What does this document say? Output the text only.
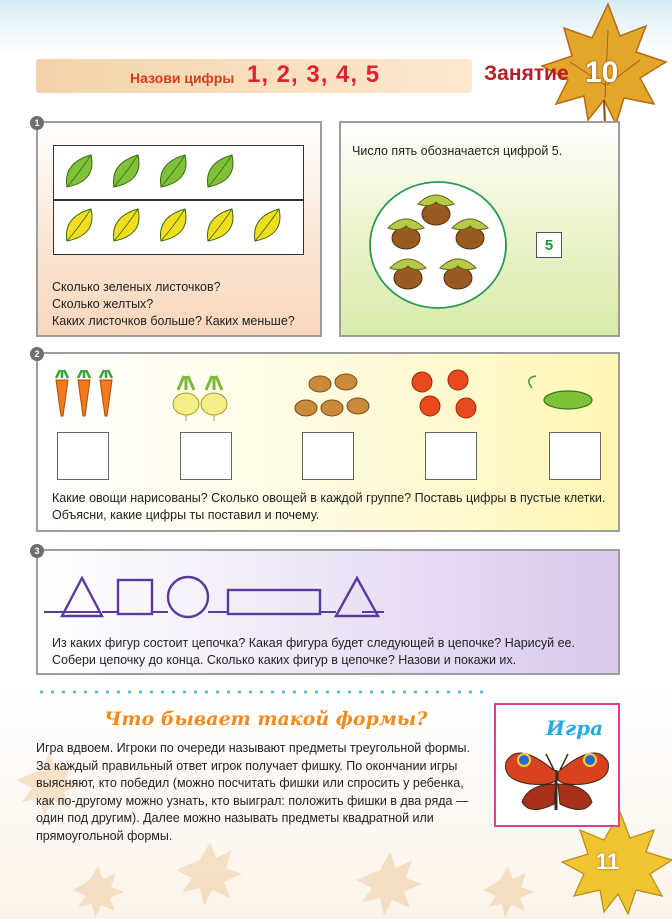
Назови цифры 1, 2, 3, 4, 5	Занятие 10
1
Сколько зеленых листочков?
Сколько желтых?
Каких листочков больше? Каких меньше?
Число пять обозначается цифрой 5.
5
2
Какие овощи нарисованы? Сколько овощей в каждой группе? Поставь цифры в пустые клетки.
Объясни, какие цифры ты поставил и почему.
3
Из каких фигур состоит цепочка? Какая фигура будет следующей в цепочке? Нарисуй ее.
Собери цепочку до конца. Сколько каких фигур в цепочке? Назови и покажи их.
Что бывает такой формы?
Игра вдвоем. Игроки по очереди называют предметы треугольной формы. За каждый правильный ответ игрок получает фишку. По окончании игры выясняют, кто победил (можно посчитать фишки или спросить у ребенка, как по-другому можно узнать, кто выиграл: положить фишки в два ряда — один под другим). Далее можно называть предметы квадратной или прямоугольной формы.
Игра
11
